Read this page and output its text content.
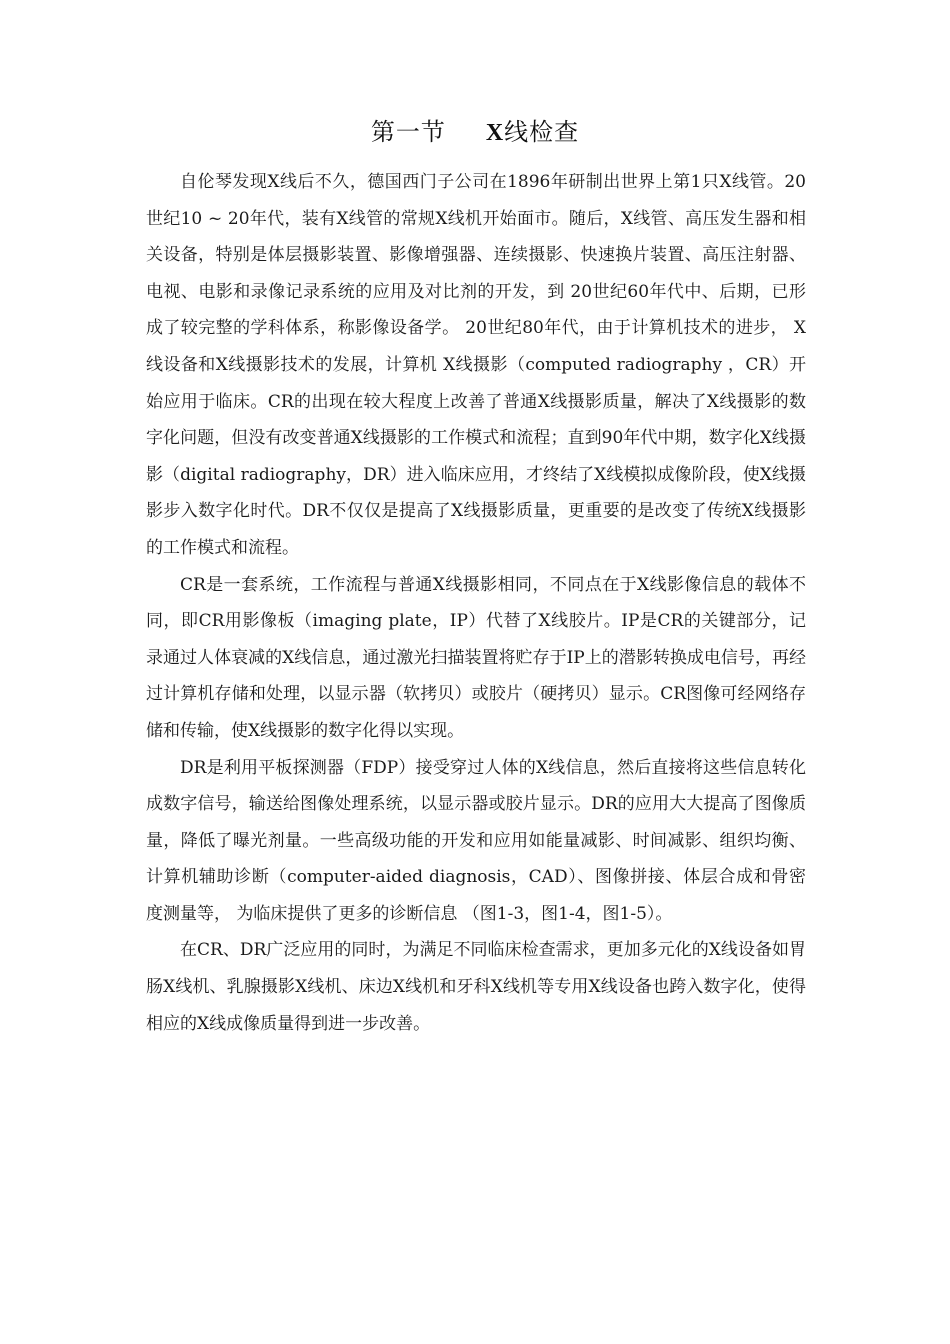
第一节 X线检查

自伦琴发现X线后不久，德国西门子公司在1896年研制出世界上第1只X线管。20世纪10 ~ 20年代，装有X线管的常规X线机开始面市。随后，X线管、高压发生器和相关设备，特别是体层摄影装置、影像增强器、连续摄影、快速换片装置、高压注射器、电视、电影和录像记录系统的应用及对比剂的开发，到 20世纪60年代中、后期，已形成了较完整的学科体系，称影像设备学。 20世纪80年代，由于计算机技术的进步， X线设备和X线摄影技术的发展，计算机 X线摄影（computed radiography ，CR）开始应用于临床。CR的出现在较大程度上改善了普通X线摄影质量，解决了X线摄影的数字化问题，但没有改变普通X线摄影的工作模式和流程；直到90年代中期，数字化X线摄影（digital radiography，DR）进入临床应用，才终结了X线模拟成像阶段，使X线摄影步入数字化时代。DR不仅仅是提高了X线摄影质量，更重要的是改变了传统X线摄影的工作模式和流程。

CR是一套系统，工作流程与普通X线摄影相同，不同点在于X线影像信息的载体不同，即CR用影像板（imaging plate，IP）代替了X线胶片。IP是CR的关键部分，记录通过人体衰减的X线信息，通过激光扫描装置将贮存于IP上的潜影转换成电信号，再经过计算机存储和处理，以显示器（软拷贝）或胶片（硬拷贝）显示。CR图像可经网络存储和传输，使X线摄影的数字化得以实现。

DR是利用平板探测器（FDP）接受穿过人体的X线信息，然后直接将这些信息转化成数字信号，输送给图像处理系统，以显示器或胶片显示。DR的应用大大提高了图像质量，降低了曝光剂量。一些高级功能的开发和应用如能量减影、时间减影、组织均衡、计算机辅助诊断（computer-aided diagnosis，CAD）、图像拼接、体层合成和骨密度测量等， 为临床提供了更多的诊断信息 （图1-3，图1-4，图1-5）。

在CR、DR广泛应用的同时，为满足不同临床检查需求，更加多元化的X线设备如胃肠X线机、乳腺摄影X线机、床边X线机和牙科X线机等专用X线设备也跨入数字化，使得相应的X线成像质量得到进一步改善。
